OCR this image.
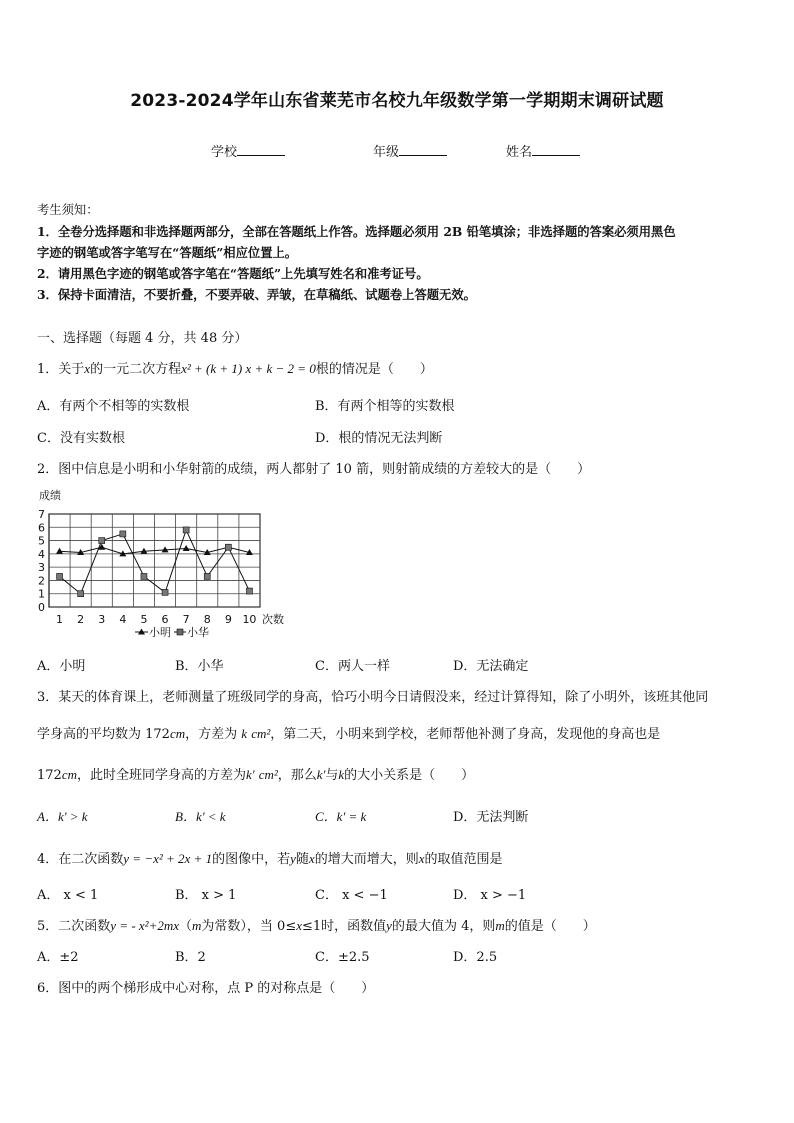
2023-2024学年山东省莱芜市名校九年级数学第一学期期末调研试题
学校	年级	姓名
考生须知：
1．全卷分选择题和非选择题两部分，全部在答题纸上作答。选择题必须用 2B 铅笔填涂；非选择题的答案必须用黑色
字迹的钢笔或答字笔写在“答题纸”相应位置上。
2．请用黑色字迹的钢笔或答字笔在“答题纸”上先填写姓名和准考证号。
3．保持卡面清洁，不要折叠，不要弄破、弄皱，在草稿纸、试题卷上答题无效。
一、选择题（每题 4 分，共 48 分）
1．关于x的一元二次方程x² + (k + 1) x + k − 2 = 0根的情况是（　　）
A．有两个不相等的实数根	B．有两个相等的实数根
C．没有实数根	D．根的情况无法判断
2．图中信息是小明和小华射箭的成绩，两人都射了 10 箭，则射箭成绩的方差较大的是（　　）
成绩
0
1
2
3
4
5
6
7
1 2 3 4 5 6 7 8 9 10 次数
小明 小华
A．小明	B．小华	C．两人一样	D．无法确定
3．某天的体育课上，老师测量了班级同学的身高，恰巧小明今日请假没来，经过计算得知，除了小明外，该班其他同
学身高的平均数为 172cm，方差为 k cm²，第二天，小明来到学校，老师帮他补测了身高，发现他的身高也是
172cm，此时全班同学身高的方差为k' cm²，那么k'与k的大小关系是（　　）
A．k' > k	B．k' < k	C．k' = k	D．无法判断
4．在二次函数y = −x² + 2x + 1的图像中，若y随x的增大而增大，则x的取值范围是
A． x < 1	B． x > 1	C． x < −1	D． x > −1
5．二次函数y = - x²+2mx（m为常数），当 0≤x≤1时，函数值y的最大值为 4，则m的值是（　　）
A．±2	B．2	C．±2.5	D．2.5
6．图中的两个梯形成中心对称，点 P 的对称点是（　　）
